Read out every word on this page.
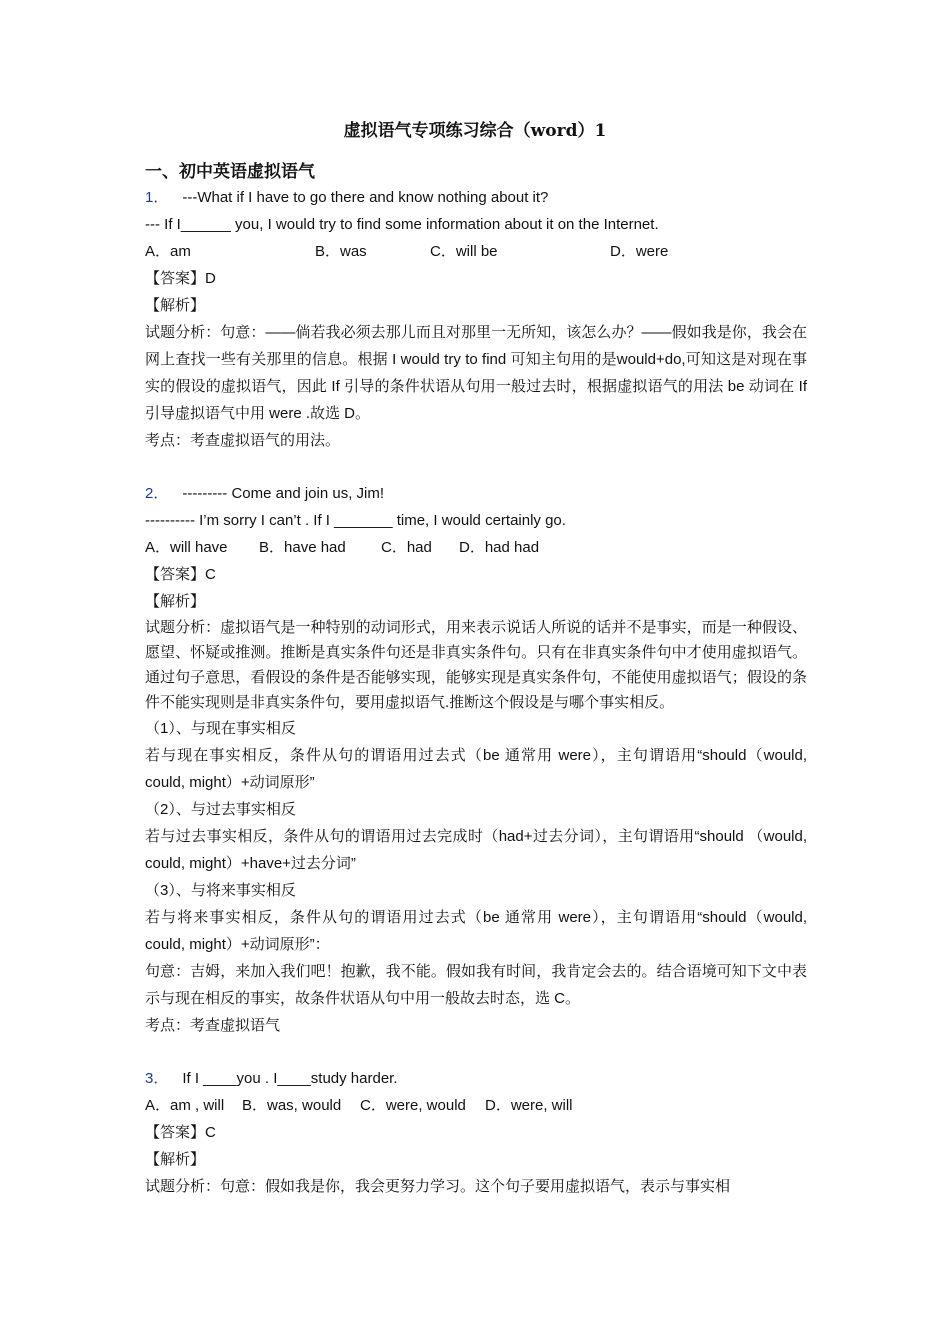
虚拟语气专项练习综合（word）1

一、初中英语虚拟语气

1． ---What if I have to go there and know nothing about it?

--- If I______ you, I would try to find some information about it on the Internet.

A．am	B．was	C．will be	D．were

【答案】D

【解析】

试题分析：句意：——倘若我必须去那儿而且对那里一无所知，该怎么办？——假如我是你，我会在网上查找一些有关那里的信息。根据 I would try to find 可知主句用的是would+do,可知这是对现在事实的假设的虚拟语气，因此 If 引导的条件状语从句用一般过去时，根据虚拟语气的用法 be 动词在 If 引导虚拟语气中用 were .故选 D。

考点：考查虚拟语气的用法。

2． --------- Come and join us, Jim!

---------- I’m sorry I can’t . If I _______ time, I would certainly go.

A．will have	B．have had	C．had	D．had had

【答案】C

【解析】

试题分析：虚拟语气是一种特别的动词形式，用来表示说话人所说的话并不是事实，而是一种假设、愿望、怀疑或推测。推断是真实条件句还是非真实条件句。只有在非真实条件句中才使用虚拟语气。通过句子意思，看假设的条件是否能够实现，能够实现是真实条件句，不能使用虚拟语气；假设的条件不能实现则是非真实条件句，要用虚拟语气.推断这个假设是与哪个事实相反。

（1）、与现在事实相反

若与现在事实相反，条件从句的谓语用过去式（be 通常用 were），主句谓语用“should（would, could, might）+动词原形”

（2）、与过去事实相反

若与过去事实相反，条件从句的谓语用过去完成时（had+过去分词），主句谓语用“should （would, could, might）+have+过去分词”

（3）、与将来事实相反

若与将来事实相反，条件从句的谓语用过去式（be 通常用 were），主句谓语用“should（would, could, might）+动词原形”：

句意：吉姆，来加入我们吧！抱歉，我不能。假如我有时间，我肯定会去的。结合语境可知下文中表示与现在相反的事实，故条件状语从句中用一般故去时态，选 C。

考点：考查虚拟语气

3． If I ____you . I____study harder.

A．am , will	B．was, would	C．were, would	D．were, will

【答案】C

【解析】

试题分析：句意：假如我是你，我会更努力学习。这个句子要用虚拟语气，表示与事实相
